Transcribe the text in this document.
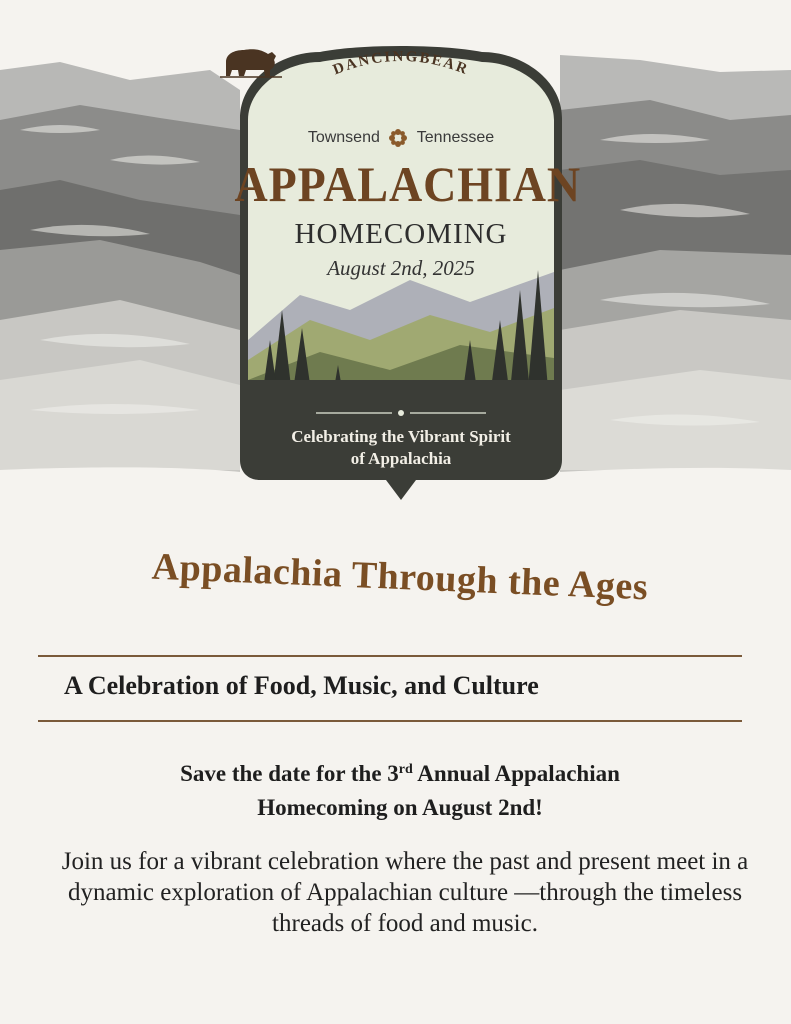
DANCINGBEAR
Townsend Tennessee
APPALACHIAN
HOMECOMING
August 2nd, 2025
Celebrating the Vibrant Spirit
of Appalachia
Appalachia Through the Ages
A Celebration of Food, Music, and Culture
Save the date for the 3rd Annual Appalachian
Homecoming on August 2nd!
Join us for a vibrant celebration where the past and present meet in a dynamic exploration of Appalachian culture —through the timeless threads of food and music.
